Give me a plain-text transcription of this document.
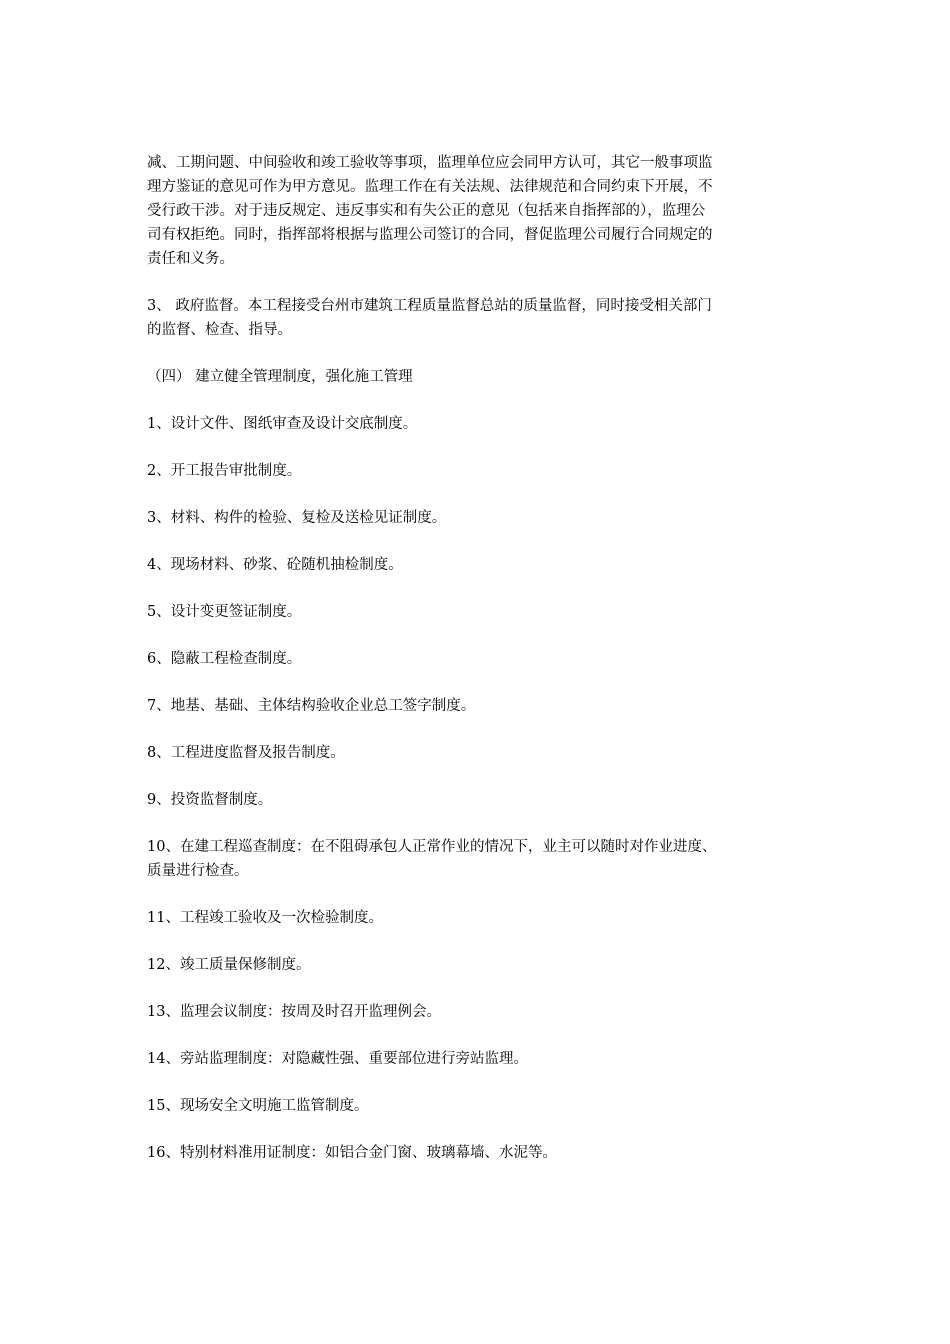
减、工期问题、中间验收和竣工验收等事项，监理单位应会同甲方认可，其它一般事项监
理方鉴证的意见可作为甲方意见。监理工作在有关法规、法律规范和合同约束下开展，不
受行政干涉。对于违反规定、违反事实和有失公正的意见（包括来自指挥部的），监理公
司有权拒绝。同时，指挥部将根据与监理公司签订的合同，督促监理公司履行合同规定的
责任和义务。
3、 政府监督。本工程接受台州市建筑工程质量监督总站的质量监督，同时接受相关部门
的监督、检查、指导。
（四） 建立健全管理制度，强化施工管理
1、设计文件、图纸审查及设计交底制度。
2、开工报告审批制度。
3、材料、构件的检验、复检及送检见证制度。
4、现场材料、砂浆、砼随机抽检制度。
5、设计变更签证制度。
6、隐蔽工程检查制度。
7、地基、基础、主体结构验收企业总工签字制度。
8、工程进度监督及报告制度。
9、投资监督制度。
10、在建工程巡查制度：在不阻碍承包人正常作业的情况下，业主可以随时对作业进度、
质量进行检查。
11、工程竣工验收及一次检验制度。
12、竣工质量保修制度。
13、监理会议制度：按周及时召开监理例会。
14、旁站监理制度：对隐藏性强、重要部位进行旁站监理。
15、现场安全文明施工监管制度。
16、特别材料准用证制度：如铝合金门窗、玻璃幕墙、水泥等。
